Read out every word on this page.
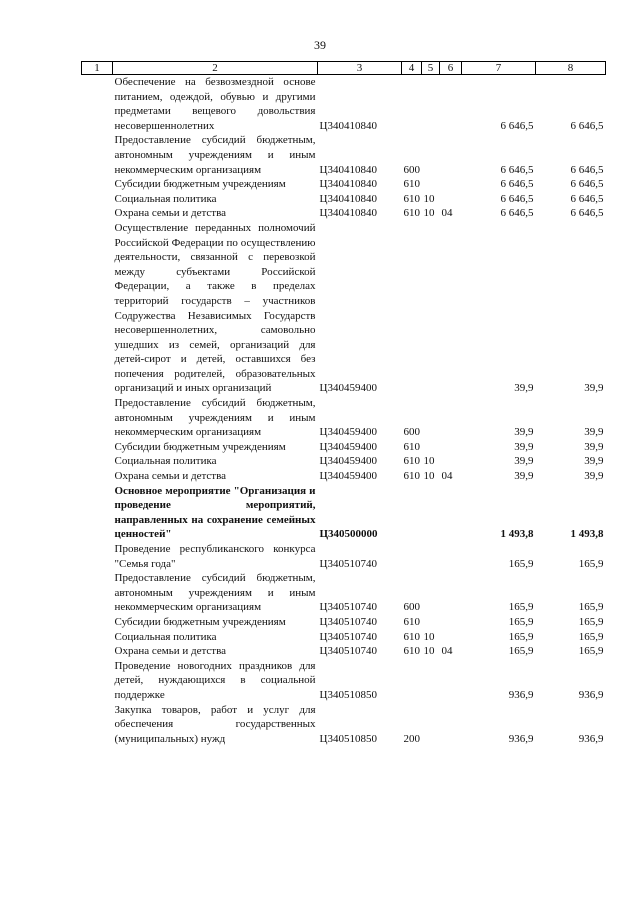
39
1	2	3	4	5	6	7	8
	Обеспечение на безвозмездной основе питанием, одеждой, обувью и другими предметами вещевого довольствия несовершеннолетних	Ц340410840				6 646,5	6 646,5
	Предоставление субсидий бюджетным, автономным учреждениям и иным некоммерческим организациям	Ц340410840	600			6 646,5	6 646,5
	Субсидии бюджетным учреждениям	Ц340410840	610			6 646,5	6 646,5
	Социальная политика	Ц340410840	610	10		6 646,5	6 646,5
	Охрана семьи и детства	Ц340410840	610	10	04	6 646,5	6 646,5
	Осуществление переданных полномочий Российской Федерации по осуществлению деятельности, связанной с перевозкой между субъектами Российской Федерации, а также в пределах территорий государств – участников Содружества Независимых Государств несовершеннолетних, самовольно ушедших из семей, организаций для детей-сирот и детей, оставшихся без попечения родителей, образовательных организаций и иных организаций	Ц340459400				39,9	39,9
	Предоставление субсидий бюджетным, автономным учреждениям и иным некоммерческим организациям	Ц340459400	600			39,9	39,9
	Субсидии бюджетным учреждениям	Ц340459400	610			39,9	39,9
	Социальная политика	Ц340459400	610	10		39,9	39,9
	Охрана семьи и детства	Ц340459400	610	10	04	39,9	39,9
	Основное мероприятие "Организация и проведение мероприятий, направленных на сохранение семейных ценностей"	Ц340500000				1 493,8	1 493,8
	Проведение республиканского конкурса "Семья года"	Ц340510740				165,9	165,9
	Предоставление субсидий бюджетным, автономным учреждениям и иным некоммерческим организациям	Ц340510740	600			165,9	165,9
	Субсидии бюджетным учреждениям	Ц340510740	610			165,9	165,9
	Социальная политика	Ц340510740	610	10		165,9	165,9
	Охрана семьи и детства	Ц340510740	610	10	04	165,9	165,9
	Проведение новогодних праздников для детей, нуждающихся в социальной поддержке	Ц340510850				936,9	936,9
	Закупка товаров, работ и услуг для обеспечения государственных (муниципальных) нужд	Ц340510850	200			936,9	936,9
